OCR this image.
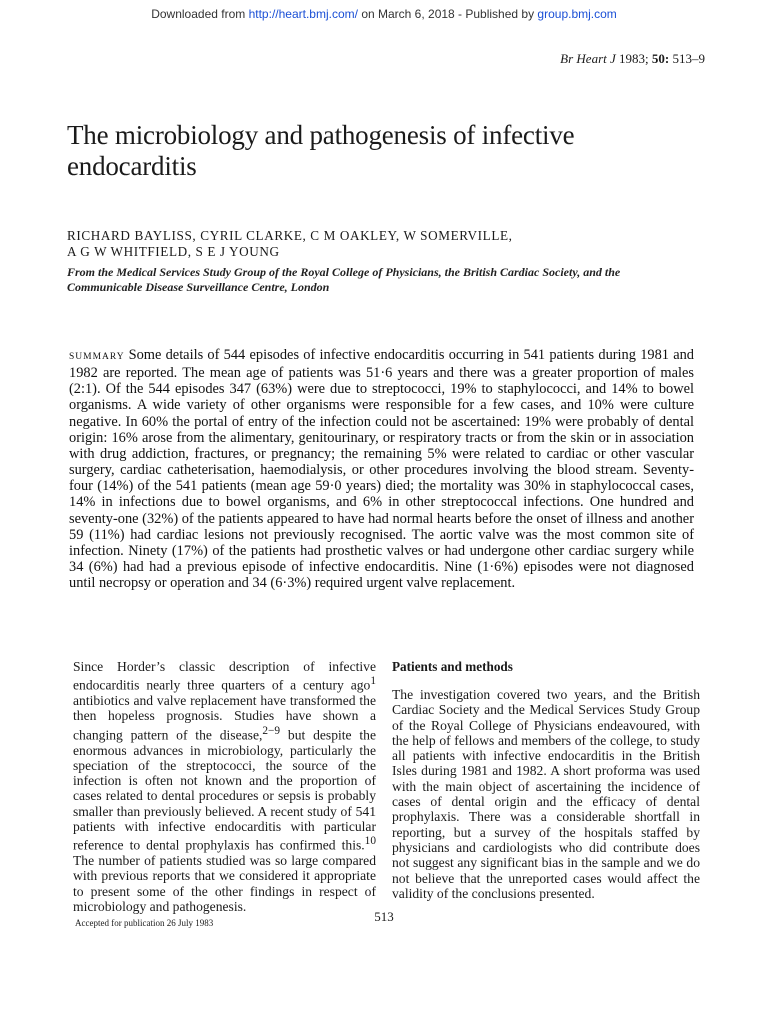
Downloaded from http://heart.bmj.com/ on March 6, 2018 - Published by group.bmj.com
Br Heart J 1983; 50: 513–9
The microbiology and pathogenesis of infective endocarditis
RICHARD BAYLISS, CYRIL CLARKE, C M OAKLEY, W SOMERVILLE,
A G W WHITFIELD, S E J YOUNG
From the Medical Services Study Group of the Royal College of Physicians, the British Cardiac Society, and the Communicable Disease Surveillance Centre, London
SUMMARY Some details of 544 episodes of infective endocarditis occurring in 541 patients during 1981 and 1982 are reported. The mean age of patients was 51·6 years and there was a greater proportion of males (2:1). Of the 544 episodes 347 (63%) were due to streptococci, 19% to staphylococci, and 14% to bowel organisms. A wide variety of other organisms were responsible for a few cases, and 10% were culture negative. In 60% the portal of entry of the infection could not be ascertained: 19% were probably of dental origin: 16% arose from the alimentary, genitourinary, or respiratory tracts or from the skin or in association with drug addiction, fractures, or pregnancy; the remaining 5% were related to cardiac or other vascular surgery, cardiac catheterisation, haemodialysis, or other procedures involving the blood stream. Seventy-four (14%) of the 541 patients (mean age 59·0 years) died; the mortality was 30% in staphylococcal cases, 14% in infections due to bowel organisms, and 6% in other streptococcal infections. One hundred and seventy-one (32%) of the patients appeared to have had normal hearts before the onset of illness and another 59 (11%) had cardiac lesions not previously recognised. The aortic valve was the most common site of infection. Ninety (17%) of the patients had prosthetic valves or had undergone other cardiac surgery while 34 (6%) had had a previous episode of infective endocarditis. Nine (1·6%) episodes were not diagnosed until necropsy or operation and 34 (6·3%) required urgent valve replacement.

Since Horder’s classic description of infective endocarditis nearly three quarters of a century ago$^1$ antibiotics and valve replacement have transformed the then hopeless prognosis. Studies have shown a changing pattern of the disease,$^{2-9}$ but despite the enormous advances in microbiology, particularly the speciation of the streptococci, the source of the infection is often not known and the proportion of cases related to dental procedures or sepsis is probably smaller than previously believed. A recent study of 541 patients with infective endocarditis with particular reference to dental prophylaxis has confirmed this.$^{10}$ The number of patients studied was so large compared with previous reports that we considered it appropriate to present some of the other findings in respect of microbiology and pathogenesis.

Accepted for publication 26 July 1983

Patients and methods

The investigation covered two years, and the British Cardiac Society and the Medical Services Study Group of the Royal College of Physicians endeavoured, with the help of fellows and members of the college, to study all patients with infective endocarditis in the British Isles during 1981 and 1982. A short proforma was used with the main object of ascertaining the incidence of cases of dental origin and the efficacy of dental prophylaxis. There was a considerable shortfall in reporting, but a survey of the hospitals staffed by physicians and cardiologists who did contribute does not suggest any significant bias in the sample and we do not believe that the unreported cases would affect the validity of the conclusions presented.

513
